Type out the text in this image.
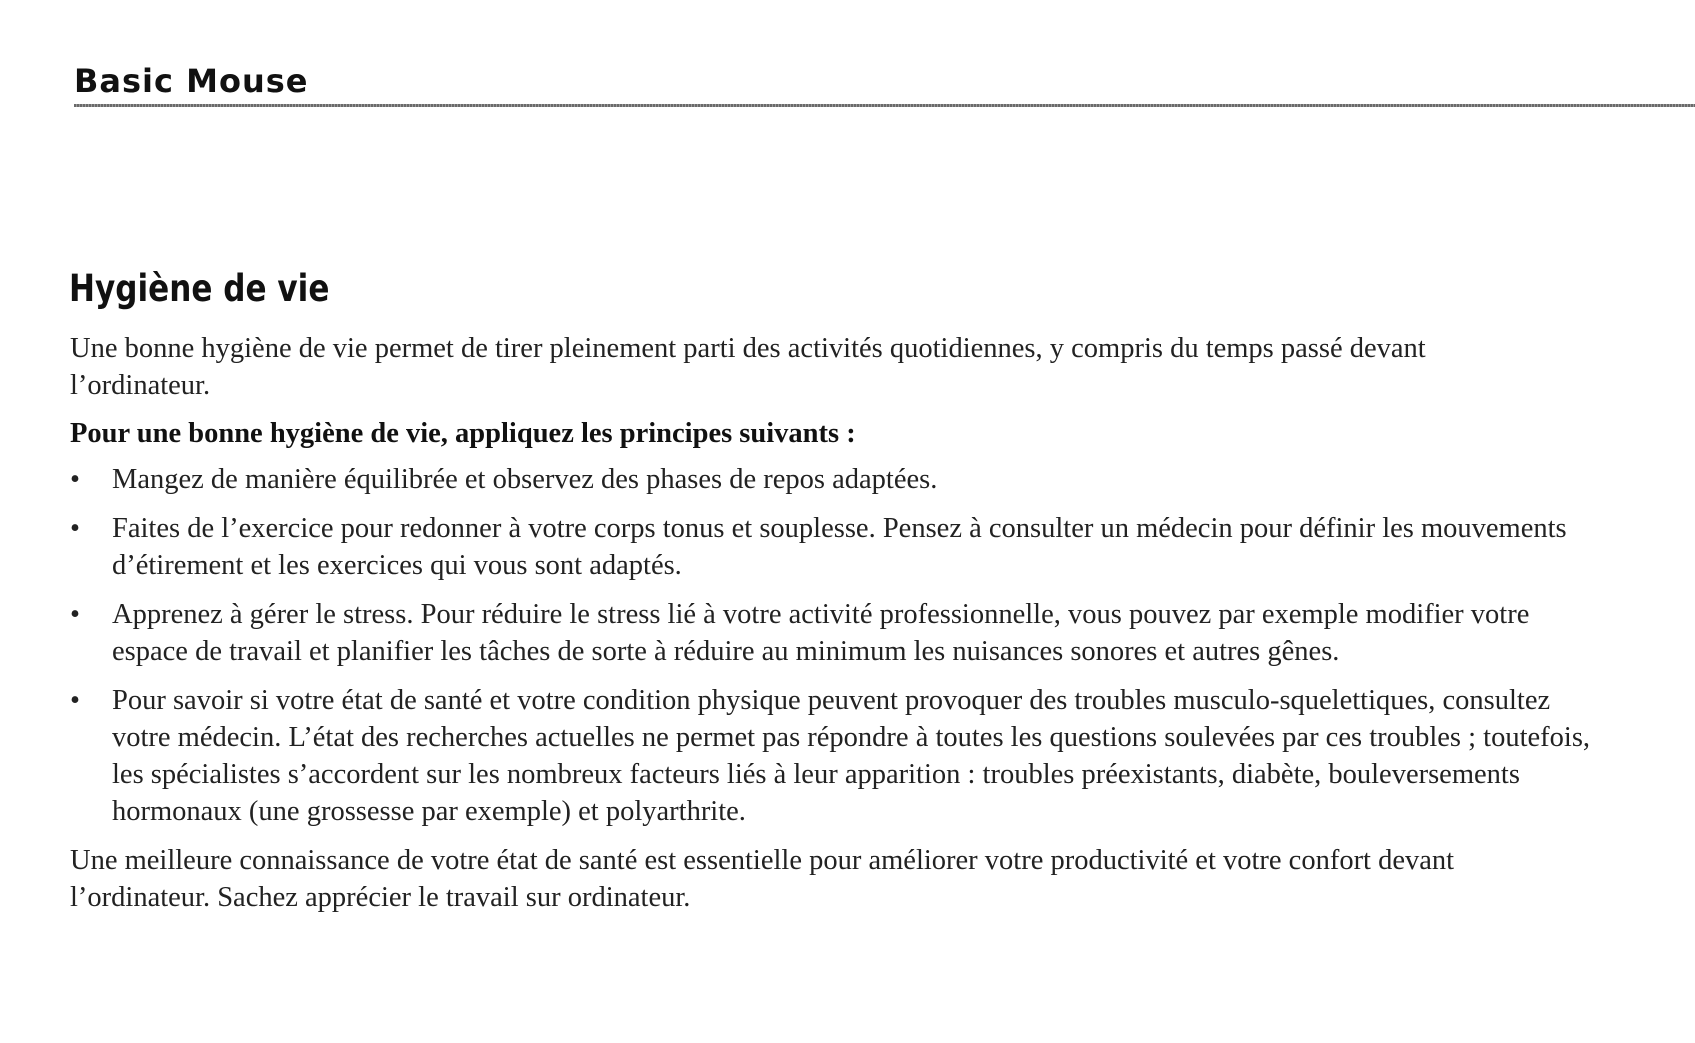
Basic Mouse
Hygiène de vie

Une bonne hygiène de vie permet de tirer pleinement parti des activités quotidiennes, y compris du temps passé devant l’ordinateur.

Pour une bonne hygiène de vie, appliquez les principes suivants :

• Mangez de manière équilibrée et observez des phases de repos adaptées.
• Faites de l’exercice pour redonner à votre corps tonus et souplesse. Pensez à consulter un médecin pour définir les mouvements d’étirement et les exercices qui vous sont adaptés.
• Apprenez à gérer le stress. Pour réduire le stress lié à votre activité professionnelle, vous pouvez par exemple modifier votre espace de travail et planifier les tâches de sorte à réduire au minimum les nuisances sonores et autres gênes.
• Pour savoir si votre état de santé et votre condition physique peuvent provoquer des troubles musculo-squelettiques, consultez votre médecin. L’état des recherches actuelles ne permet pas répondre à toutes les questions soulevées par ces troubles ; toutefois, les spécialistes s’accordent sur les nombreux facteurs liés à leur apparition : troubles préexistants, diabète, bouleversements hormonaux (une grossesse par exemple) et polyarthrite.

Une meilleure connaissance de votre état de santé est essentielle pour améliorer votre productivité et votre confort devant l’ordinateur. Sachez apprécier le travail sur ordinateur.
